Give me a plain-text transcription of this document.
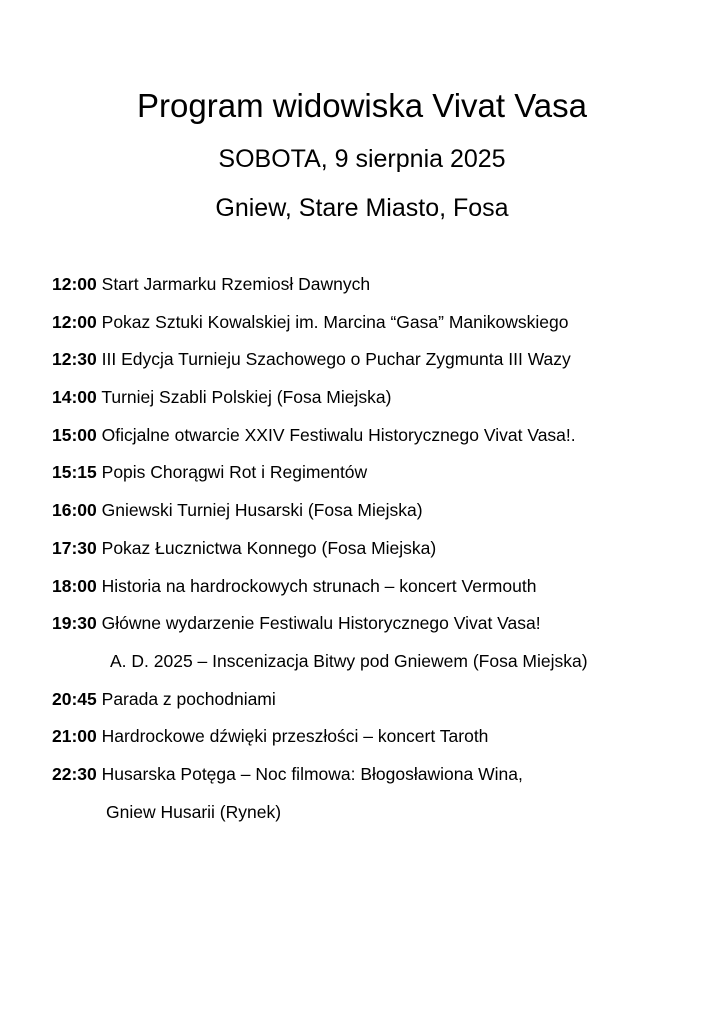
Program widowiska Vivat Vasa
SOBOTA, 9 sierpnia 2025
Gniew, Stare Miasto, Fosa
12:00 Start Jarmarku Rzemiosł Dawnych
12:00 Pokaz Sztuki Kowalskiej im. Marcina “Gasa” Manikowskiego
12:30 III Edycja Turnieju Szachowego o Puchar Zygmunta III Wazy
14:00 Turniej Szabli Polskiej (Fosa Miejska)
15:00 Oficjalne otwarcie XXIV Festiwalu Historycznego Vivat Vasa!.
15:15 Popis Chorągwi Rot i Regimentów
16:00 Gniewski Turniej Husarski (Fosa Miejska)
17:30 Pokaz Łucznictwa Konnego (Fosa Miejska)
18:00 Historia na hardrockowych strunach – koncert Vermouth
19:30 Główne wydarzenie Festiwalu Historycznego Vivat Vasa!
A. D. 2025 – Inscenizacja Bitwy pod Gniewem (Fosa Miejska)
20:45 Parada z pochodniami
21:00 Hardrockowe dźwięki przeszłości – koncert Taroth
22:30 Husarska Potęga – Noc filmowa: Błogosławiona Wina,
Gniew Husarii (Rynek)
